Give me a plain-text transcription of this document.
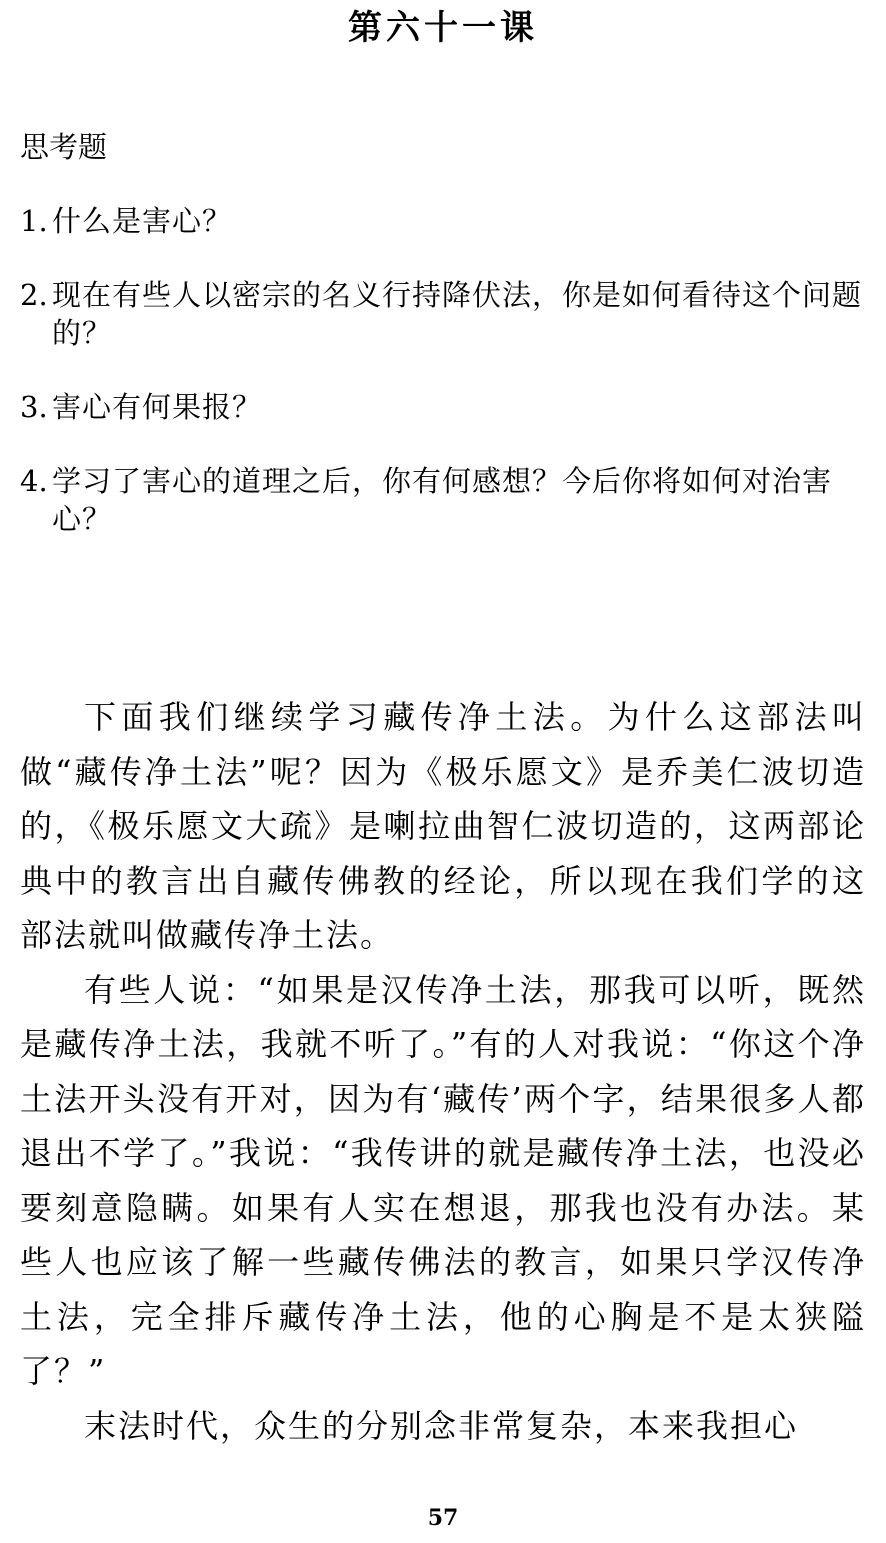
第六十一课
思考题
1. 什么是害心？
2. 现在有些人以密宗的名义行持降伏法，你是如何看待这个问题的？
3. 害心有何果报？
4. 学习了害心的道理之后，你有何感想？今后你将如何对治害心？

下面我们继续学习藏传净土法。为什么这部法叫做“藏传净土法”呢？因为《极乐愿文》是乔美仁波切造的，《极乐愿文大疏》是喇拉曲智仁波切造的，这两部论典中的教言出自藏传佛教的经论，所以现在我们学的这部法就叫做藏传净土法。

有些人说：“如果是汉传净土法，那我可以听，既然是藏传净土法，我就不听了。”有的人对我说：“你这个净土法开头没有开对，因为有‘藏传’两个字，结果很多人都退出不学了。”我说：“我传讲的就是藏传净土法，也没必要刻意隐瞒。如果有人实在想退，那我也没有办法。某些人也应该了解一些藏传佛法的教言，如果只学汉传净土法，完全排斥藏传净土法，他的心胸是不是太狭隘了？”

末法时代，众生的分别念非常复杂，本来我担心

57
